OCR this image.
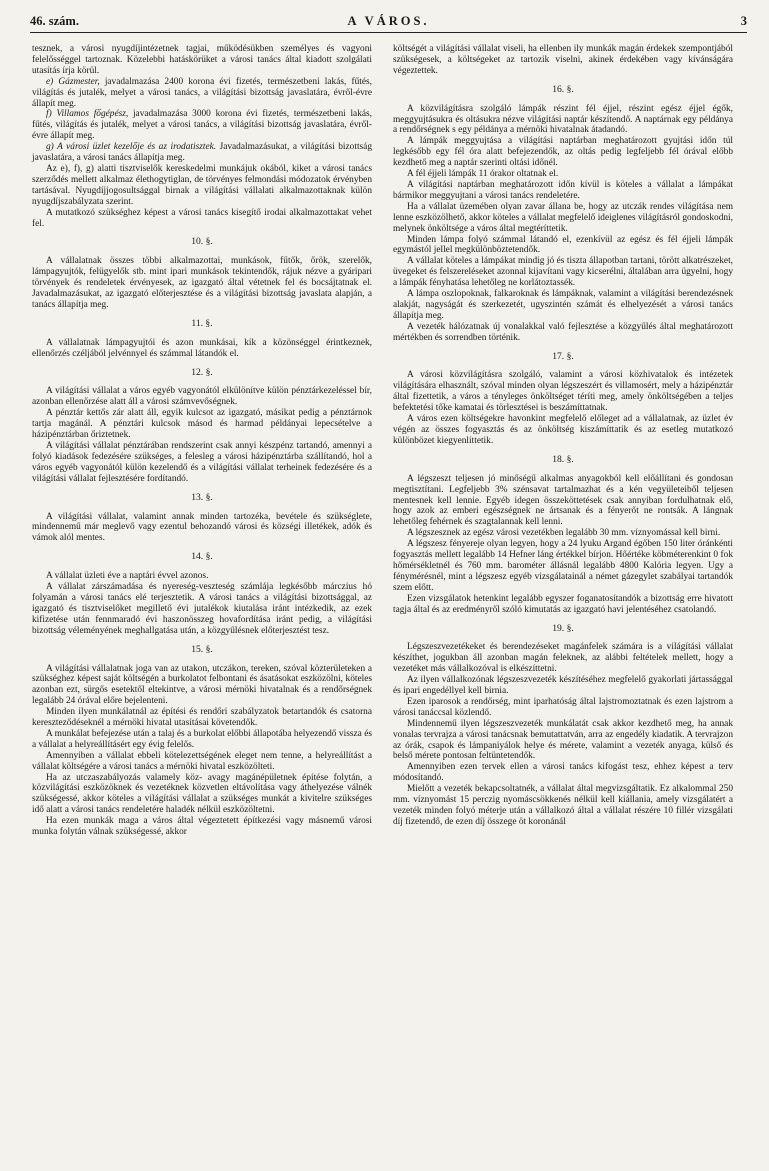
46. szám.	A VÁROS.	3

tesznek, a városi nyugdíjintézetnek tagjai, működésükben személyes és vagyoni felelősséggel tartoznak. Közelebbi hatáskörüket a városi tanács által kiadott szolgálati utasítás írja körül.

e) Gázmester, javadalmazása 2400 korona évi fizetés, természetbeni lakás, fűtés, világítás és jutalék, melyet a városi tanács, a világítási bizottság javaslatára, évről-évre állapít meg.

f) Villamos főgépész, javadalmazása 3000 korona évi fizetés, természetbeni lakás, fűtés, világítás és jutalék, melyet a városi tanács, a világítási bizottság javaslatára, évről-évre állapít meg.

g) A városi üzlet kezelője és az irodatisztek. Javadalmazásukat, a világítási bizottság javaslatára, a városi tanács állapítja meg.

Az e), f), g) alatti tisztviselők kereskedelmi munkájuk okából, kiket a városi tanács szerződés mellett alkalmaz élethogytiglan, de törvényes felmondási módozatok érvényben tartásával. Nyugdíjjogosultsággal birnak a világítási vállalati alkalmazottaknak külön nyugdíjszabályzata szerint.

A mutatkozó szükséghez képest a városi tanács kisegítő irodai alkalmazottakat vehet fel.

10. §.

A vállalatnak összes többi alkalmazottai, munkások, fűtők, őrök, szerelők, lámpagyujtók, felügyelők stb. mint ipari munkások tekintendők, rájuk nézve a gyáripari törvények és rendeletek érvényesek, az igazgató által vétetnek fel és bocsájtatnak el. Javadalmazásukat, az igazgató előterjesztése és a világítási bizottság javaslata alapján, a tanács állapítja meg.

11. §.

A vállalatnak lámpagyujtói és azon munkásai, kik a közönséggel érintkeznek, ellenőrzés czéljából jelvénnyel és számmal látandók el.

12. §.

A világítási vállalat a város egyéb vagyonától elkülönítve külön pénztárkezeléssel bír, azonban ellenőrzése alatt áll a városi számvevőségnek.

A pénztár kettős zár alatt áll, egyik kulcsot az igazgató, másikat pedig a pénztárnok tartja magánál. A pénztári kulcsok másod és harmad példányai lepecsételve a házipénztárban őriztetnek.

A világítási vállalat pénztárában rendszerint csak annyi készpénz tartandó, amennyi a folyó kiadások fedezésére szükséges, a felesleg a városi házipénztárba szállítandó, hol a város egyéb vagyonától külön kezelendő és a világítási vállalat terheinek fedezésére és a világítási vállalat fejlesztésére fordítandó.

13. §.

A világítási vállalat, valamint annak minden tartozéka, bevétele és szükséglete, mindennemű már meglevő vagy ezentul behozandó városi és községi illetékek, adók és vámok alól mentes.

14. §.

A vállalat üzleti éve a naptári évvel azonos.

A vállalat zárszámadása és nyereség-veszteség számlája legkésőbb márczius hó folyamán a városi tanács elé terjesztetik. A városi tanács a világítási bizottsággal, az igazgató és tisztviselőket megillető évi jutalékok kiutalása iránt intézkedik, az ezek kifizetése után fennmaradó évi haszonösszeg hovafordítása iránt pedig, a világítási bizottság véleményének meghallgatása után, a közgyűlésnek előterjesztést tesz.

15. §.

A világítási vállalatnak joga van az utakon, utczákon, tereken, szóval közterületeken a szükséghez képest saját költségén a burkolatot felbontani és ásatásokat eszközölni, köteles azonban ezt, sürgős esetektől eltekintve, a városi mérnöki hivatalnak és a rendőrségnek legalább 24 órával előre bejelenteni.

Minden ilyen munkálatnál az építési és rendőri szabályzatok betartandók és csatorna kereszteződéseknél a mérnöki hivatal utasításai követendők.

A munkálat befejezése után a talaj és a burkolat előbbi állapotába helyezendő vissza és a vállalat a helyreállításért egy évig felelős.

Amennyiben a vállalat ebbeli kötelezettségének eleget nem tenne, a helyreállítást a vállalat költségére a városi tanács a mérnöki hivatal eszközölteti.

Ha az utczaszabályozás valamely köz- avagy magánépületnek építése folytán, a közvilágítási eszközöknek és vezetéknek közvetlen eltávolítása vagy áthelyezése válnék szükségessé, akkor köteles a világítási vállalat a szükséges munkát a kivitelre szükséges idő alatt a városi tanács rendeletére haladék nélkül eszközöltetni.

Ha ezen munkák maga a város által végeztetett építkezési vagy másnemű városi munka folytán válnak szükségessé, akkor

költségét a világítási vállalat viseli, ha ellenben ily munkák magán érdekek szempontjából szükségesek, a költségeket az tartozik viselni, akinek érdekében vagy kívánságára végeztettek.

16. §.

A közvilágításra szolgáló lámpák részint fél éjjel, részint egész éjjel égők, meggyujtásukra és oltásukra nézve világítási naptár készítendő. A naptárnak egy példánya a rendőrségnek s egy példánya a mérnöki hivatalnak átadandó.

A lámpák meggyujtása a világítási naptárban meghatározott gyujtási időn túl legkésőbb egy fél óra alatt befejezendők, az oltás pedig legfeljebb fél órával előbb kezdhető meg a naptár szerinti oltási időnél.

A fél éjjeli lámpák 11 órakor oltatnak el.

A világítási naptárban meghatározott időn kívül is köteles a vállalat a lámpákat bármikor meggyujtani a városi tanács rendeletére.

Ha a vállalat üzemében olyan zavar állana be, hogy az utczák rendes világítása nem lenne eszközölhető, akkor köteles a vállalat megfelelő ideiglenes világításról gondoskodni, melynek önköltsége a város által megtéríttetik.

Minden lámpa folyó számmal látandó el, ezenkívül az egész és fél éjjeli lámpák egymástól jellel megkülönböztetendők.

A vállalat köteles a lámpákat mindig jó és tiszta állapotban tartani, törött alkatrészeket, üvegeket és felszereléseket azonnal kijavítani vagy kicserélni, általában arra ügyelni, hogy a lámpák fényhatása lehetőleg ne korlátoztassék.

A lámpa oszlopoknak, falkaroknak és lámpáknak, valamint a világítási berendezésnek alakját, nagyságát és szerkezetét, ugyszintén számát és elhelyezését a városi tanács állapítja meg.

A vezeték hálózatnak új vonalakkal való fejlesztése a közgyűlés által meghatározott mértékben és sorrendben történik.

17. §.

A városi közvilágításra szolgáló, valamint a városi közhivatalok és intézetek világítására elhasznált, szóval minden olyan légszeszért és villamosért, mely a házipénztár által fizettetik, a város a tényleges önköltséget téríti meg, amely önköltségében a teljes befektetési tőke kamatai és törlesztései is beszámíttatnak.

A város ezen költségekre havonkint megfelelő előleget ad a vállalatnak, az üzlet év végén az összes fogyasztás és az önköltség kiszámíttatik és az esetleg mutatkozó különbözet kiegyenlíttetik.

18. §.

A légszeszt teljesen jó minőségű alkalmas anyagokból kell előállítani és gondosan megtisztítani. Legfeljebb 3% szénsavat tartalmazhat és a kén vegyületeiből teljesen mentesnek kell lennie. Egyéb idegen összeköttetések csak annyiban fordulhatnak elő, hogy azok az emberi egészségnek ne ártsanak és a fényerőt ne rontsák. A lángnak lehetőleg fehérnek és szagtalannak kell lenni.

A légszesznek az egész városi vezetékben legalább 30 mm. víznyomással kell birni.

A légszesz fényereje olyan legyen, hogy a 24 lyuku Argand égőben 150 liter óránkénti fogyasztás mellett legalább 14 Hefner láng értékkel bírjon. Hőértéke köbméterenkint 0 fok hőmérsékletnél és 760 mm. barométer állásnál legalább 4800 Kalória legyen. Ugy a fénymérésnél, mint a légszesz egyéb vizsgálatainál a német gázegylet szabályai tartandók szem előtt.

Ezen vizsgálatok hetenkint legalább egyszer foganatosítandók a bizottság erre hivatott tagja által és az eredményről szóló kimutatás az igazgató havi jelentéséhez csatolandó.

19. §.

Légszeszvezetékeket és berendezéseket magánfelek számára is a világítási vállalat készíthet, jogukban áll azonban magán feleknek, az alábbi feltételek mellett, hogy a vezetéket más vállalkozóval is elkészíttetni.

Az ilyen vállalkozónak légszeszvezeték készítéséhez megfelelő gyakorlati jártassággal és ipari engedéllyel kell birnia.

Ezen iparosok a rendőrség, mint iparhatóság által lajstromoztatnak és ezen lajstrom a városi tanáccsal közlendő.

Mindennemű ilyen légszeszvezeték munkálatát csak akkor kezdhető meg, ha annak vonalas tervrajza a városi tanácsnak bemutattatván, arra az engedély kiadatik. A tervrajzon az órák, csapok és lámpaniyálok helye és mérete, valamint a vezeték anyaga, külső és belső mérete pontosan feltüntetendők.

Amennyiben ezen tervek ellen a városi tanács kifogást tesz, ehhez képest a terv módosítandó.

Mielőtt a vezeték bekapcsoltatnék, a vállalat által megvizsgáltatik. Ez alkalommal 250 mm. víznyomást 15 perczig nyomáscsökkenés nélkül kell kiállania, amely vizsgálatért a vezeték minden folyó méterje után a vállalkozó által a vállalat részére 10 fillér vizsgálati díj fizetendő, de ezen díj összege öt koronánál
